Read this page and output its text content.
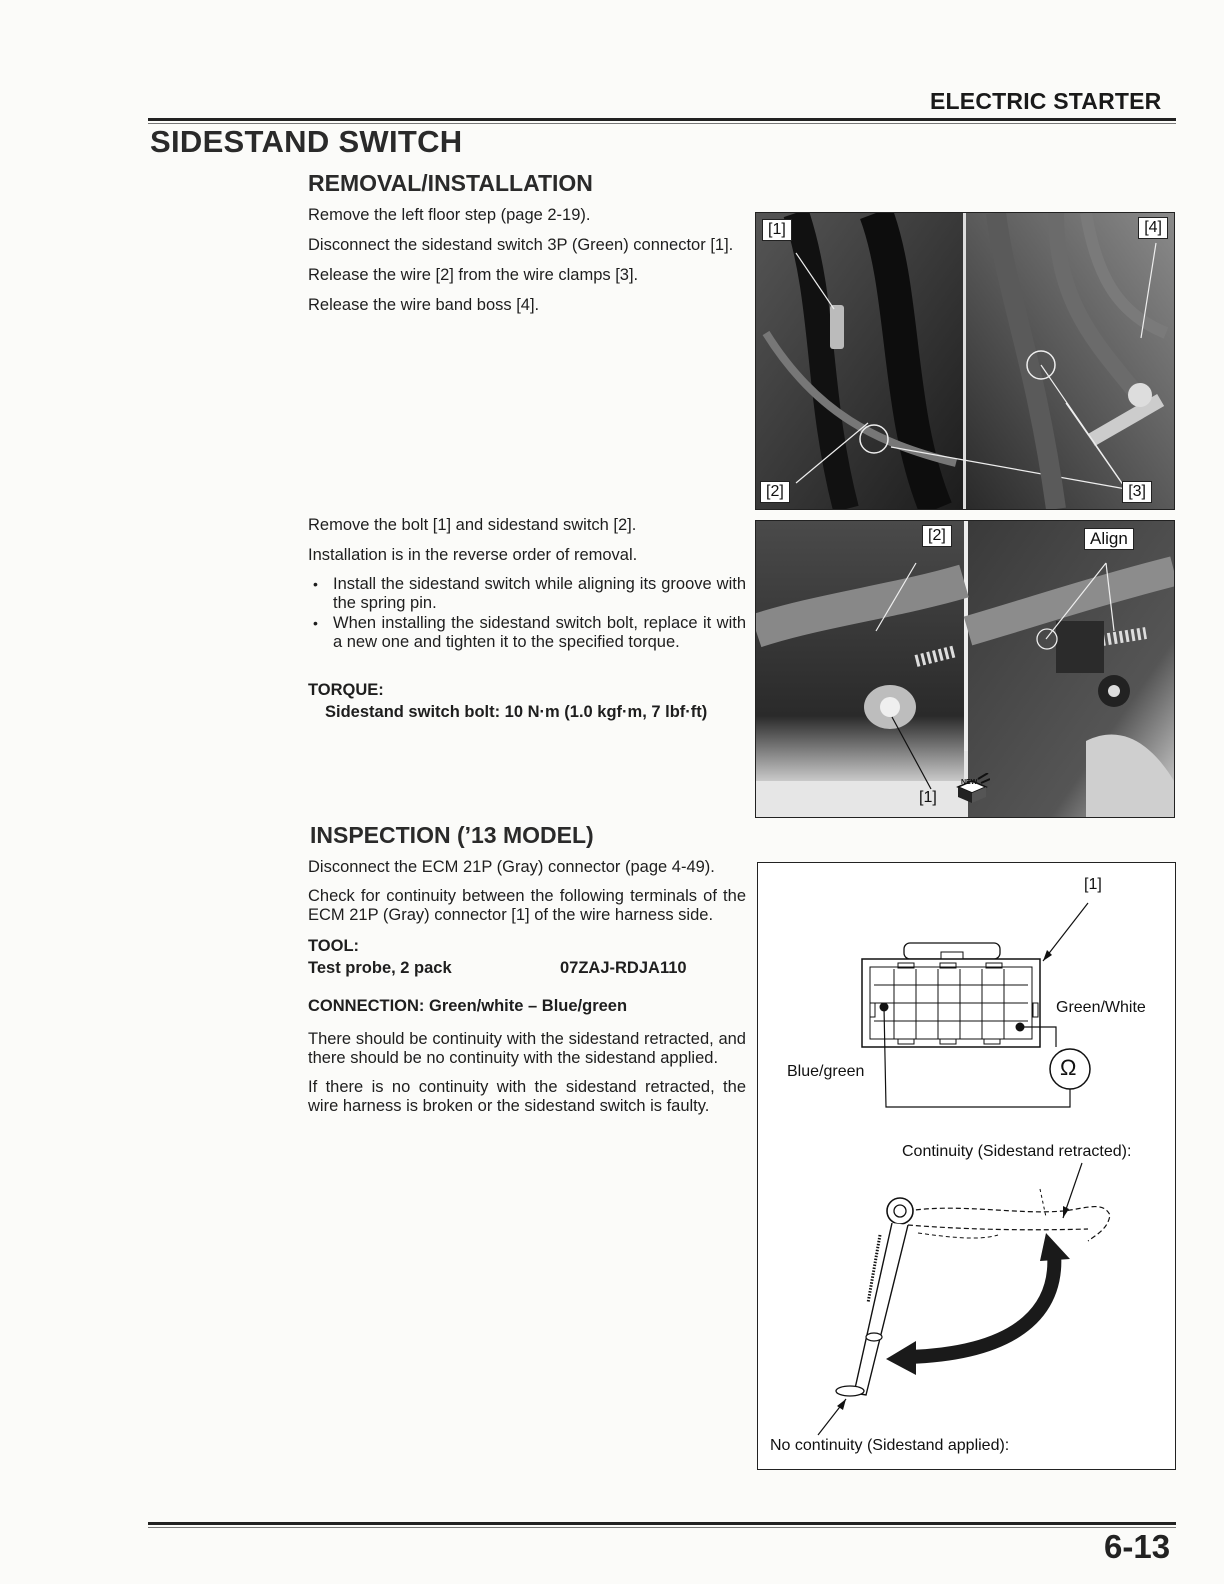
ELECTRIC STARTER
SIDESTAND SWITCH
REMOVAL/INSTALLATION
Remove the left floor step (page 2-19).
Disconnect the sidestand switch 3P (Green) connector [1].
Release the wire [2] from the wire clamps [3].
Release the wire band boss [4].
Remove the bolt [1] and sidestand switch [2].
Installation is in the reverse order of removal.
• Install the sidestand switch while aligning its groove with the spring pin.
• When installing the sidestand switch bolt, replace it with a new one and tighten it to the specified torque.
TORQUE:
Sidestand switch bolt: 10 N·m (1.0 kgf·m, 7 lbf·ft)
[1]	[4]
[2]	[3]
[2]	Align
[1]
NEW
INSPECTION (’13 MODEL)
Disconnect the ECM 21P (Gray) connector (page 4-49).
Check for continuity between the following terminals of the ECM 21P (Gray) connector [1] of the wire harness side.
TOOL:
Test probe, 2 pack	07ZAJ-RDJA110
CONNECTION: Green/white – Blue/green
There should be continuity with the sidestand retracted, and there should be no continuity with the sidestand applied.
If there is no continuity with the sidestand retracted, the wire harness is broken or the sidestand switch is faulty.
[1]
Green/White
Blue/green	Ω
Continuity (Sidestand retracted):
No continuity (Sidestand applied):
6-13
